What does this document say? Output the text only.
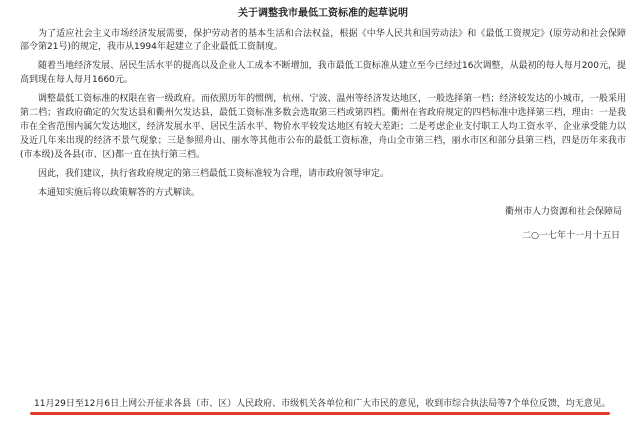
关于调整我市最低工资标准的起草说明

为了适应社会主义市场经济发展需要，保护劳动者的基本生活和合法权益，根据《中华人民共和国劳动法》和《最低工资规定》(原劳动和社会保障部令第21号)的规定，我市从1994年起建立了企业最低工资制度。

随着当地经济发展、居民生活水平的提高以及企业人工成本不断增加，我市最低工资标准从建立至今已经过16次调整，从最初的每人每月200元，提高到现在每人每月1660元。

调整最低工资标准的权限在省一级政府。而依照历年的惯例，杭州、宁波、温州等经济发达地区，一般选择第一档；经济较发达的小城市，一般采用第二档；省政府确定的欠发达县和衢州欠发达县，最低工资标准多数会选取第三档或第四档。衢州在省政府规定的四档标准中选择第三档，理由：一是我市在全省范围内属欠发达地区，经济发展水平、居民生活水平、物价水平较发达地区有较大差距；二是考虑企业支付职工人均工资水平、企业承受能力以及近几年来出现的经济不景气现象；三是参照舟山、丽水等其他市公布的最低工资标准，舟山全市第三档，丽水市区和部分县第三档，四是历年来我市(市本级)及各县(市、区)都一直在执行第三档。

因此，我们建议，执行省政府规定的第三档最低工资标准较为合理，请市政府领导审定。

本通知实施后将以政策解答的方式解读。

衢州市人力资源和社会保障局
二○一七年十一月十五日
11月29日至12月6日上网公开征求各县（市、区）人民政府、市级机关各单位和广大市民的意见，收到市综合执法局等7个单位反馈，均无意见。
